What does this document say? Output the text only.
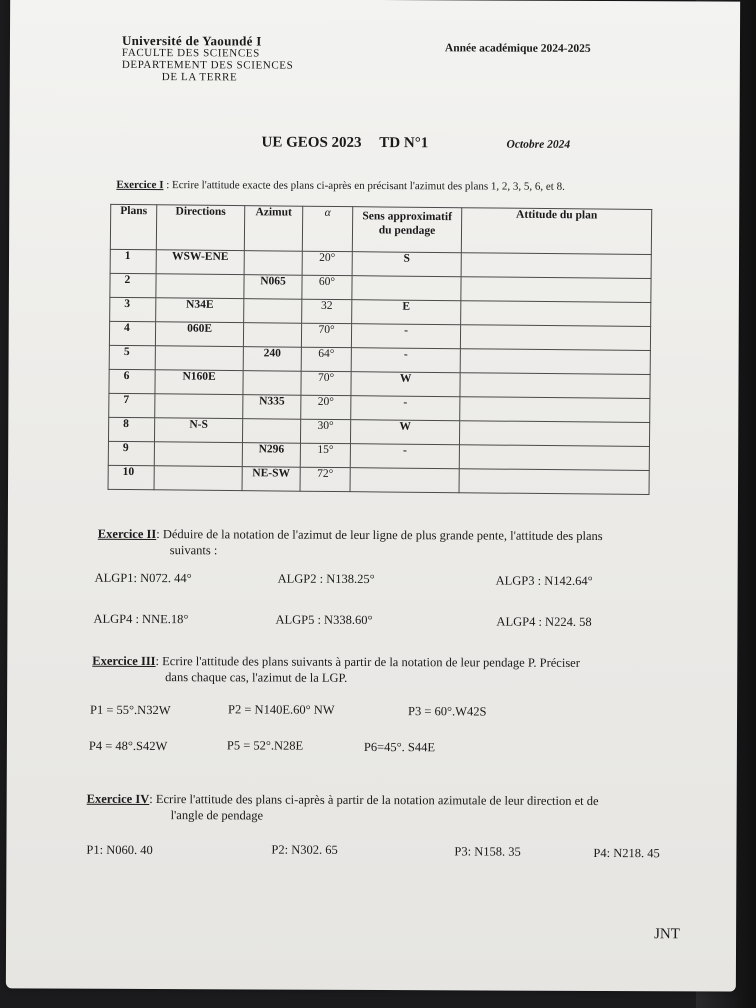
Université de Yaoundé I
FACULTE DES SCIENCES
DEPARTEMENT DES SCIENCES
DE LA TERRE
Année académique 2024-2025
UE GEOS 2023 TD N°1	Octobre 2024
Exercice I : Ecrire l'attitude exacte des plans ci-après en précisant l'azimut des plans 1, 2, 3, 5, 6, et 8.
Plans	Directions	Azimut	α	Sens approximatif du pendage	Attitude du plan
1	WSW-ENE		20°	S	
2		N065	60°		
3	N34E		32	E	
4	060E		70°	-	
5		240	64°	-	
6	N160E		70°	W	
7		N335	20°	-	
8	N-S		30°	W	
9		N296	15°	-	
10		NE-SW	72°		
Exercice II: Déduire de la notation de l'azimut de leur ligne de plus grande pente, l'attitude des plans
suivants :
ALGP1: N072. 44°	ALGP2 : N138.25°	ALGP3 : N142.64°
ALGP4 : NNE.18°	ALGP5 : N338.60°	ALGP4 : N224. 58
Exercice III: Ecrire l'attitude des plans suivants à partir de la notation de leur pendage P. Préciser
dans chaque cas, l'azimut de la LGP.
P1 = 55°.N32W	P2 = N140E.60° NW	P3 = 60°.W42S
P4 = 48°.S42W	P5 = 52°.N28E	P6=45°. S44E
Exercice IV: Ecrire l'attitude des plans ci-après à partir de la notation azimutale de leur direction et de
l'angle de pendage
P1: N060. 40	P2: N302. 65	P3: N158. 35	P4: N218. 45
JNT
